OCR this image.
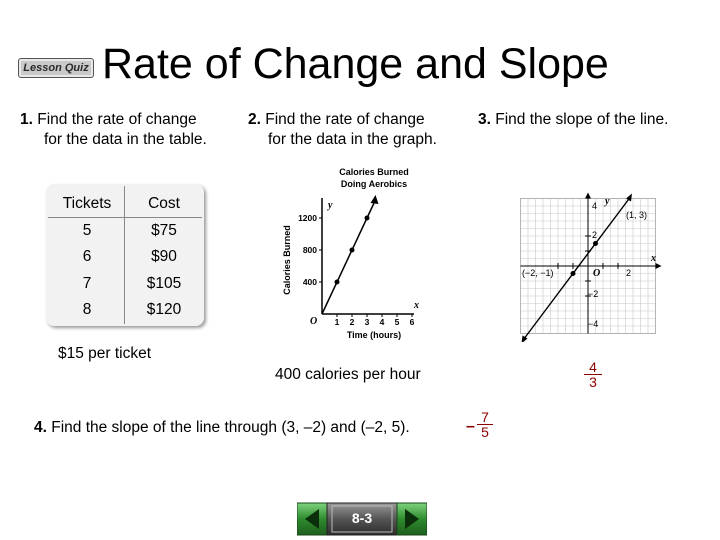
Lesson Quiz Rate of Change and Slope
1. Find the rate of change
for the data in the table.
Tickets
5
6
7
8
Cost
$75
$90
$105
$120
$15 per ticket
2. Find the rate of change
for the data in the graph.
Calories Burned
Doing Aerobics
400
800
1200
1 2 3 4 5 6
y
x
O
Time (hours)
Calories Burned
400 calories per hour
3. Find the slope of the line.
y
x
O
(1, 3)
(−2, −1)
4
2
−2
−4
2
$\frac{4}{3}$
4. Find the slope of the line through (3, –2) and (–2, 5).	– $\frac{7}{5}$
8-3
